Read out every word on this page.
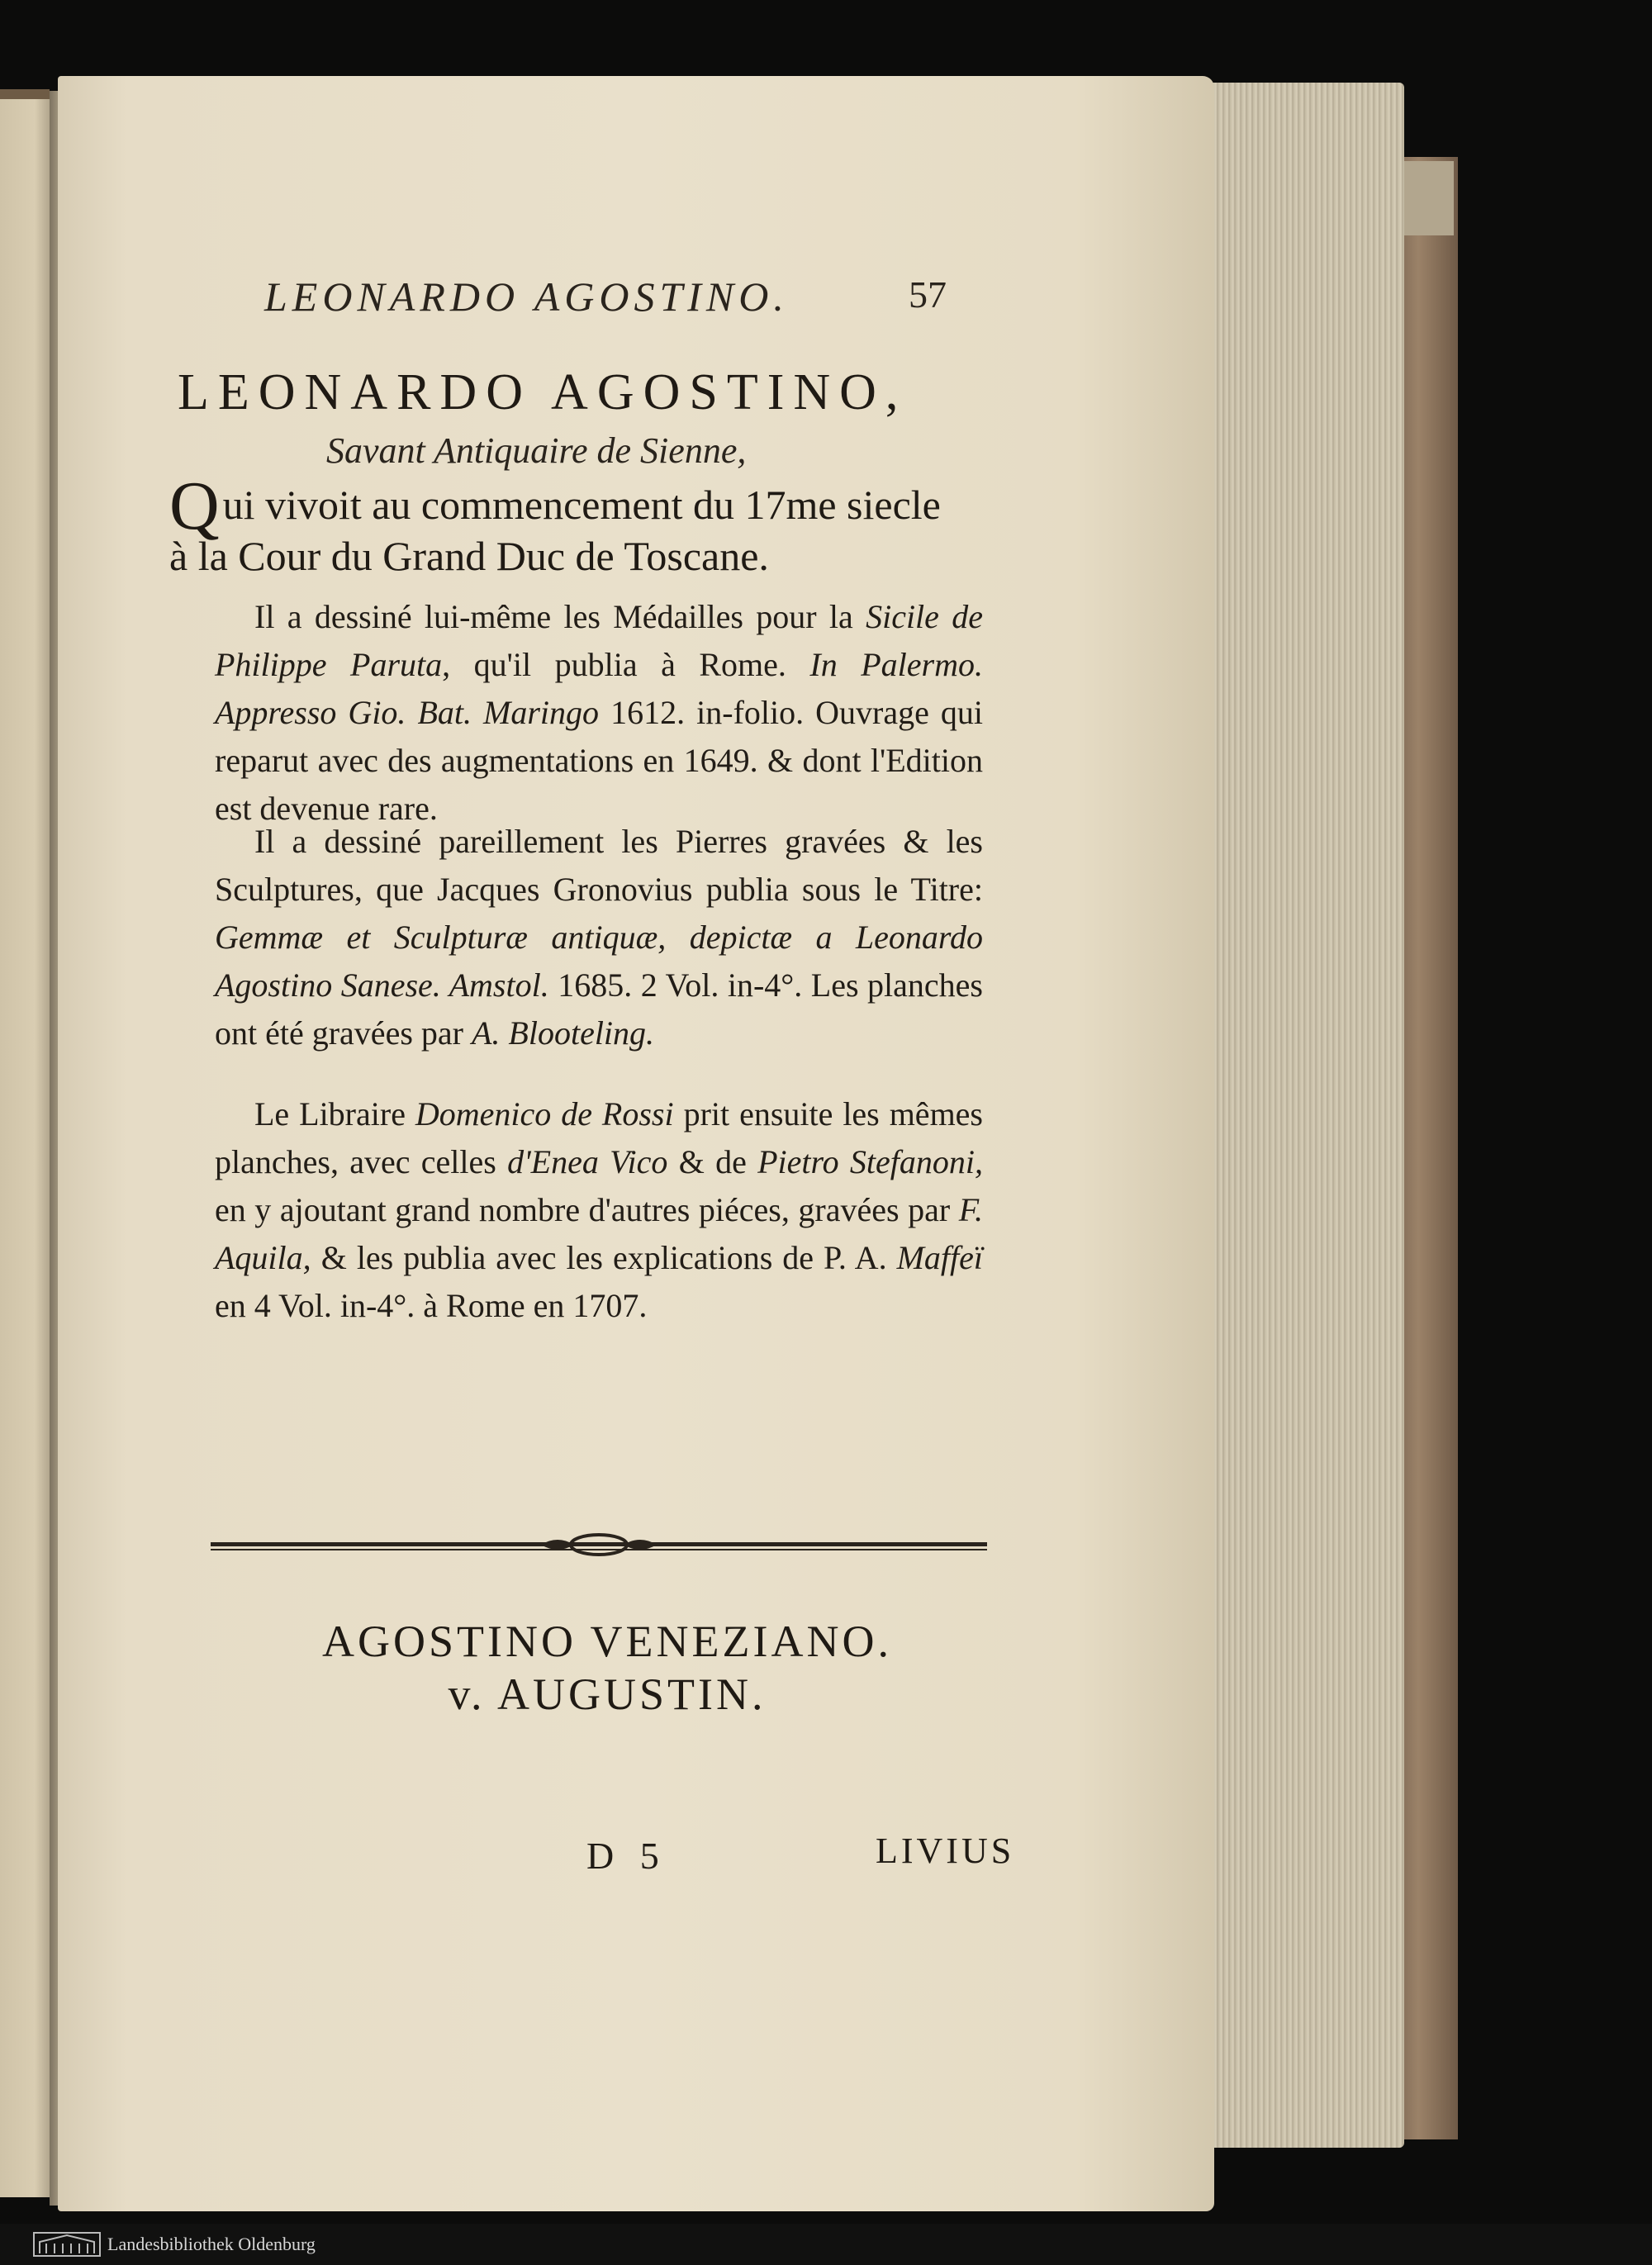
LEONARDO AGOSTINO.	57
LEONARDO AGOSTINO,
Savant Antiquaire de Sienne,
Q ui vivoit au commencement du 17me siecle
à la Cour du Grand Duc de Toscane.
Il a dessiné lui-même les Médailles pour la Sicile de Philippe Paruta, qu'il publia à Rome. In Palermo. Appresso Gio. Bat. Maringo 1612. in-folio. Ouvrage qui reparut avec des augmentations en 1649. & dont l'Edition est devenue rare.
Il a dessiné pareillement les Pierres gravées & les Sculptures, que Jacques Gronovius publia sous le Titre: Gemmæ et Sculpturæ antiquæ, depictæ a Leonardo Agostino Sanese. Amstol. 1685. 2 Vol. in-4°. Les planches ont été gravées par A. Blooteling.
Le Libraire Domenico de Rossi prit ensuite les mêmes planches, avec celles d'Enea Vico & de Pietro Stefanoni, en y ajoutant grand nombre d'autres piéces, gravées par F. Aquila, & les publia avec les explications de P. A. Maffeï en 4 Vol. in-4°. à Rome en 1707.
AGOSTINO VENEZIANO.
v. AUGUSTIN.
D 5	LIVIUS
Landesbibliothek Oldenburg
